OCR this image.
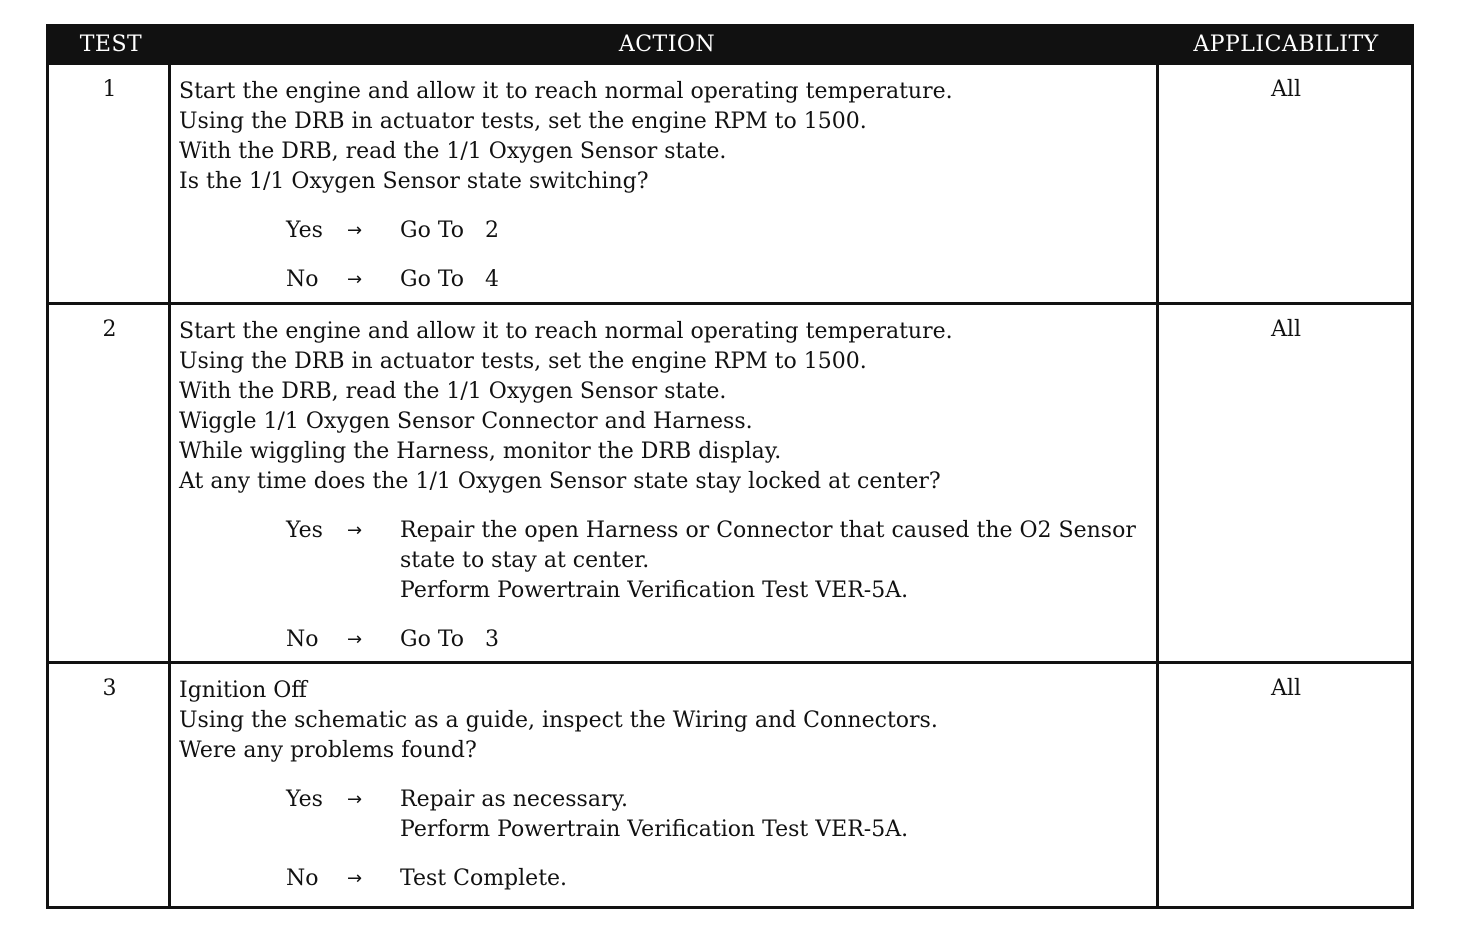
TEST	ACTION	APPLICABILITY
1	Start the engine and allow it to reach normal operating temperature.
Using the DRB in actuator tests, set the engine RPM to 1500.
With the DRB, read the 1/1 Oxygen Sensor state.
Is the 1/1 Oxygen Sensor state switching?
Yes	→	Go To   2
No	→	Go To   4
All
2	Start the engine and allow it to reach normal operating temperature.
Using the DRB in actuator tests, set the engine RPM to 1500.
With the DRB, read the 1/1 Oxygen Sensor state.
Wiggle 1/1 Oxygen Sensor Connector and Harness.
While wiggling the Harness, monitor the DRB display.
At any time does the 1/1 Oxygen Sensor state stay locked at center?
Yes	→	Repair the open Harness or Connector that caused the O2 Sensor
state to stay at center.
Perform Powertrain Verification Test VER-5A.
No	→	Go To   3
All
3	Ignition Off
Using the schematic as a guide, inspect the Wiring and Connectors.
Were any problems found?
Yes	→	Repair as necessary.
Perform Powertrain Verification Test VER-5A.
No	→	Test Complete.
All
